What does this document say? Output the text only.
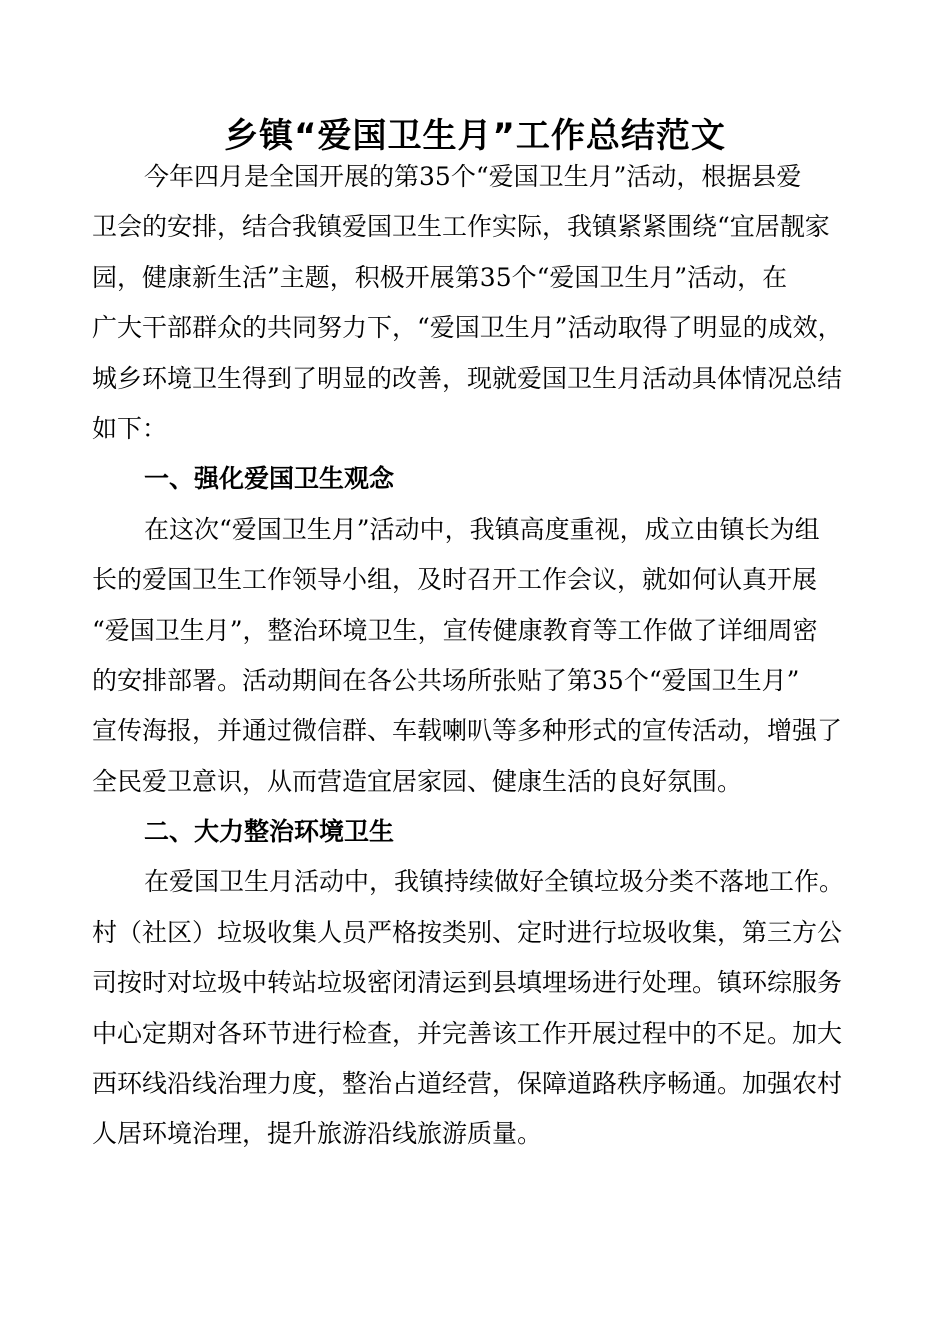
乡镇“爱国卫生月”工作总结范文
今年四月是全国开展的第35个“爱国卫生月”活动，根据县爱
卫会的安排，结合我镇爱国卫生工作实际，我镇紧紧围绕“宜居靓家
园，健康新生活”主题，积极开展第35个“爱国卫生月”活动，在
广大干部群众的共同努力下，“爱国卫生月”活动取得了明显的成效，
城乡环境卫生得到了明显的改善，现就爱国卫生月活动具体情况总结
如下：
一、强化爱国卫生观念
在这次“爱国卫生月”活动中，我镇高度重视，成立由镇长为组
长的爱国卫生工作领导小组，及时召开工作会议，就如何认真开展
“爱国卫生月”，整治环境卫生，宣传健康教育等工作做了详细周密
的安排部署。活动期间在各公共场所张贴了第35个“爱国卫生月”
宣传海报，并通过微信群、车载喇叭等多种形式的宣传活动，增强了
全民爱卫意识，从而营造宜居家园、健康生活的良好氛围。
二、大力整治环境卫生
在爱国卫生月活动中，我镇持续做好全镇垃圾分类不落地工作。
村（社区）垃圾收集人员严格按类别、定时进行垃圾收集，第三方公
司按时对垃圾中转站垃圾密闭清运到县填埋场进行处理。镇环综服务
中心定期对各环节进行检查，并完善该工作开展过程中的不足。加大
西环线沿线治理力度，整治占道经营，保障道路秩序畅通。加强农村
人居环境治理，提升旅游沿线旅游质量。
